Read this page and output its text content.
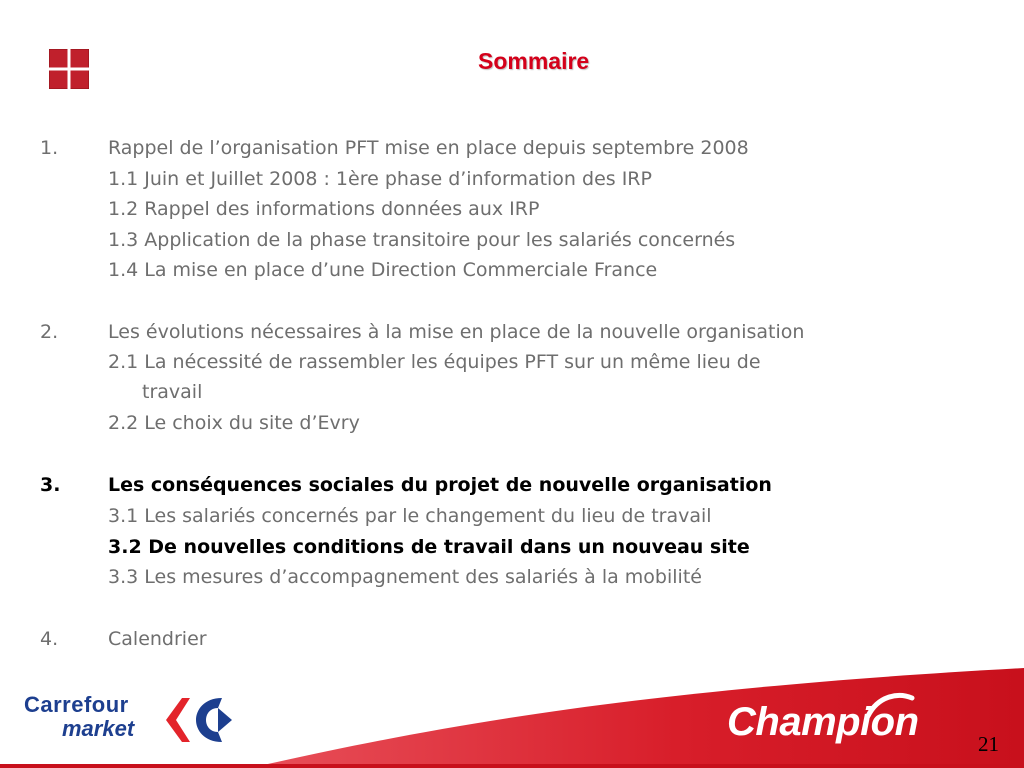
Sommaire
1.	Rappel de l’organisation PFT mise en place depuis septembre 2008
1.1 Juin et Juillet 2008 : 1ère phase d’information des IRP
1.2 Rappel des informations données aux IRP
1.3 Application de la phase transitoire pour les salariés concernés
1.4 La mise en place d’une Direction Commerciale France
2.	Les évolutions nécessaires à la mise en place de la nouvelle organisation
2.1 La nécessité de rassembler les équipes PFT sur un même lieu de
travail
2.2 Le choix du site d’Evry
3.	Les conséquences sociales du projet de nouvelle organisation
3.1 Les salariés concernés par le changement du lieu de travail
3.2 De nouvelles conditions de travail dans un nouveau site
3.3 Les mesures d’accompagnement des salariés à la mobilité
4.	Calendrier
Carrefour
market	Champion	21
